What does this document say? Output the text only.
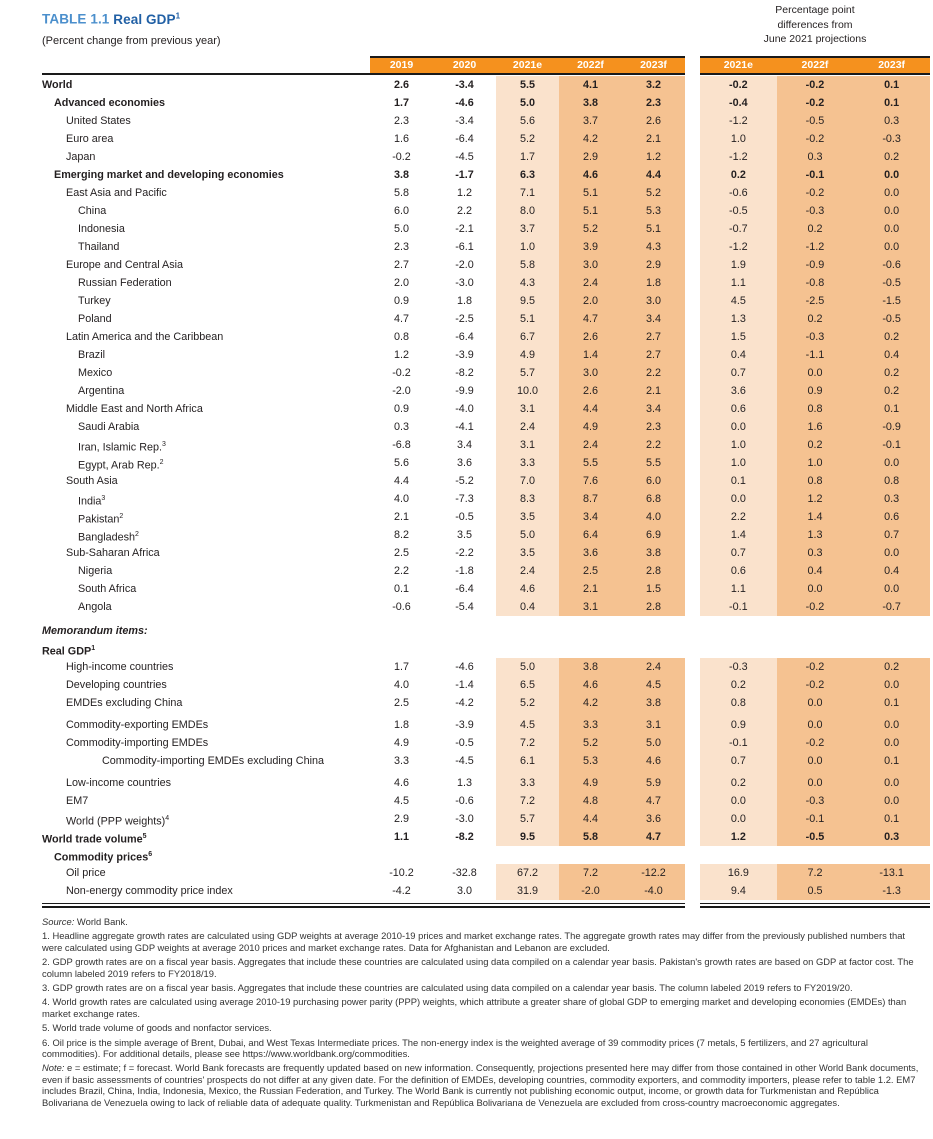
TABLE 1.1 Real GDP$^1$
(Percent change from previous year)
Percentage point
differences from
June 2021 projections
2019	2020	2021e	2022f	2023f	2021e	2022f	2023f
World	2.6	-3.4	5.5	4.1	3.2	-0.2	-0.2	0.1
Advanced economies	1.7	-4.6	5.0	3.8	2.3	-0.4	-0.2	0.1
United States	2.3	-3.4	5.6	3.7	2.6	-1.2	-0.5	0.3
Euro area	1.6	-6.4	5.2	4.2	2.1	1.0	-0.2	-0.3
Japan	-0.2	-4.5	1.7	2.9	1.2	-1.2	0.3	0.2
Emerging market and developing economies	3.8	-1.7	6.3	4.6	4.4	0.2	-0.1	0.0
East Asia and Pacific	5.8	1.2	7.1	5.1	5.2	-0.6	-0.2	0.0
China	6.0	2.2	8.0	5.1	5.3	-0.5	-0.3	0.0
Indonesia	5.0	-2.1	3.7	5.2	5.1	-0.7	0.2	0.0
Thailand	2.3	-6.1	1.0	3.9	4.3	-1.2	-1.2	0.0
Europe and Central Asia	2.7	-2.0	5.8	3.0	2.9	1.9	-0.9	-0.6
Russian Federation	2.0	-3.0	4.3	2.4	1.8	1.1	-0.8	-0.5
Turkey	0.9	1.8	9.5	2.0	3.0	4.5	-2.5	-1.5
Poland	4.7	-2.5	5.1	4.7	3.4	1.3	0.2	-0.5
Latin America and the Caribbean	0.8	-6.4	6.7	2.6	2.7	1.5	-0.3	0.2
Brazil	1.2	-3.9	4.9	1.4	2.7	0.4	-1.1	0.4
Mexico	-0.2	-8.2	5.7	3.0	2.2	0.7	0.0	0.2
Argentina	-2.0	-9.9	10.0	2.6	2.1	3.6	0.9	0.2
Middle East and North Africa	0.9	-4.0	3.1	4.4	3.4	0.6	0.8	0.1
Saudi Arabia	0.3	-4.1	2.4	4.9	2.3	0.0	1.6	-0.9
Iran, Islamic Rep.$^3$	-6.8	3.4	3.1	2.4	2.2	1.0	0.2	-0.1
Egypt, Arab Rep.$^2$	5.6	3.6	3.3	5.5	5.5	1.0	1.0	0.0
South Asia	4.4	-5.2	7.0	7.6	6.0	0.1	0.8	0.8
India$^3$	4.0	-7.3	8.3	8.7	6.8	0.0	1.2	0.3
Pakistan$^2$	2.1	-0.5	3.5	3.4	4.0	2.2	1.4	0.6
Bangladesh$^2$	8.2	3.5	5.0	6.4	6.9	1.4	1.3	0.7
Sub-Saharan Africa	2.5	-2.2	3.5	3.6	3.8	0.7	0.3	0.0
Nigeria	2.2	-1.8	2.4	2.5	2.8	0.6	0.4	0.4
South Africa	0.1	-6.4	4.6	2.1	1.5	1.1	0.0	0.0
Angola	-0.6	-5.4	0.4	3.1	2.8	-0.1	-0.2	-0.7
Memorandum items:
Real GDP$^1$
High-income countries	1.7	-4.6	5.0	3.8	2.4	-0.3	-0.2	0.2
Developing countries	4.0	-1.4	6.5	4.6	4.5	0.2	-0.2	0.0
EMDEs excluding China	2.5	-4.2	5.2	4.2	3.8	0.8	0.0	0.1
Commodity-exporting EMDEs	1.8	-3.9	4.5	3.3	3.1	0.9	0.0	0.0
Commodity-importing EMDEs	4.9	-0.5	7.2	5.2	5.0	-0.1	-0.2	0.0
Commodity-importing EMDEs excluding China	3.3	-4.5	6.1	5.3	4.6	0.7	0.0	0.1
Low-income countries	4.6	1.3	3.3	4.9	5.9	0.2	0.0	0.0
EM7	4.5	-0.6	7.2	4.8	4.7	0.0	-0.3	0.0
World (PPP weights)$^4$	2.9	-3.0	5.7	4.4	3.6	0.0	-0.1	0.1
World trade volume$^5$	1.1	-8.2	9.5	5.8	4.7	1.2	-0.5	0.3
Commodity prices$^6$
Oil price	-10.2	-32.8	67.2	7.2	-12.2	16.9	7.2	-13.1
Non-energy commodity price index	-4.2	3.0	31.9	-2.0	-4.0	9.4	0.5	-1.3
Source: World Bank.
1. Headline aggregate growth rates are calculated using GDP weights at average 2010-19 prices and market exchange rates. The aggregate growth rates may differ from the previously published numbers that were calculated using GDP weights at average 2010 prices and market exchange rates. Data for Afghanistan and Lebanon are excluded.
2. GDP growth rates are on a fiscal year basis. Aggregates that include these countries are calculated using data compiled on a calendar year basis. Pakistan's growth rates are based on GDP at factor cost. The column labeled 2019 refers to FY2018/19.
3. GDP growth rates are on a fiscal year basis. Aggregates that include these countries are calculated using data compiled on a calendar year basis. The column labeled 2019 refers to FY2019/20.
4. World growth rates are calculated using average 2010-19 purchasing power parity (PPP) weights, which attribute a greater share of global GDP to emerging market and developing economies (EMDEs) than market exchange rates.
5. World trade volume of goods and nonfactor services.
6. Oil price is the simple average of Brent, Dubai, and West Texas Intermediate prices. The non-energy index is the weighted average of 39 commodity prices (7 metals, 5 fertilizers, and 27 agricultural commodities). For additional details, please see https://www.worldbank.org/commodities.
Note: e = estimate; f = forecast. World Bank forecasts are frequently updated based on new information. Consequently, projections presented here may differ from those contained in other World Bank documents, even if basic assessments of countries' prospects do not differ at any given date. For the definition of EMDEs, developing countries, commodity exporters, and commodity importers, please refer to table 1.2. EM7 includes Brazil, China, India, Indonesia, Mexico, the Russian Federation, and Turkey. The World Bank is currently not publishing economic output, income, or growth data for Turkmenistan and República Bolivariana de Venezuela owing to lack of reliable data of adequate quality. Turkmenistan and República Bolivariana de Venezuela are excluded from cross-country macroeconomic aggregates.
